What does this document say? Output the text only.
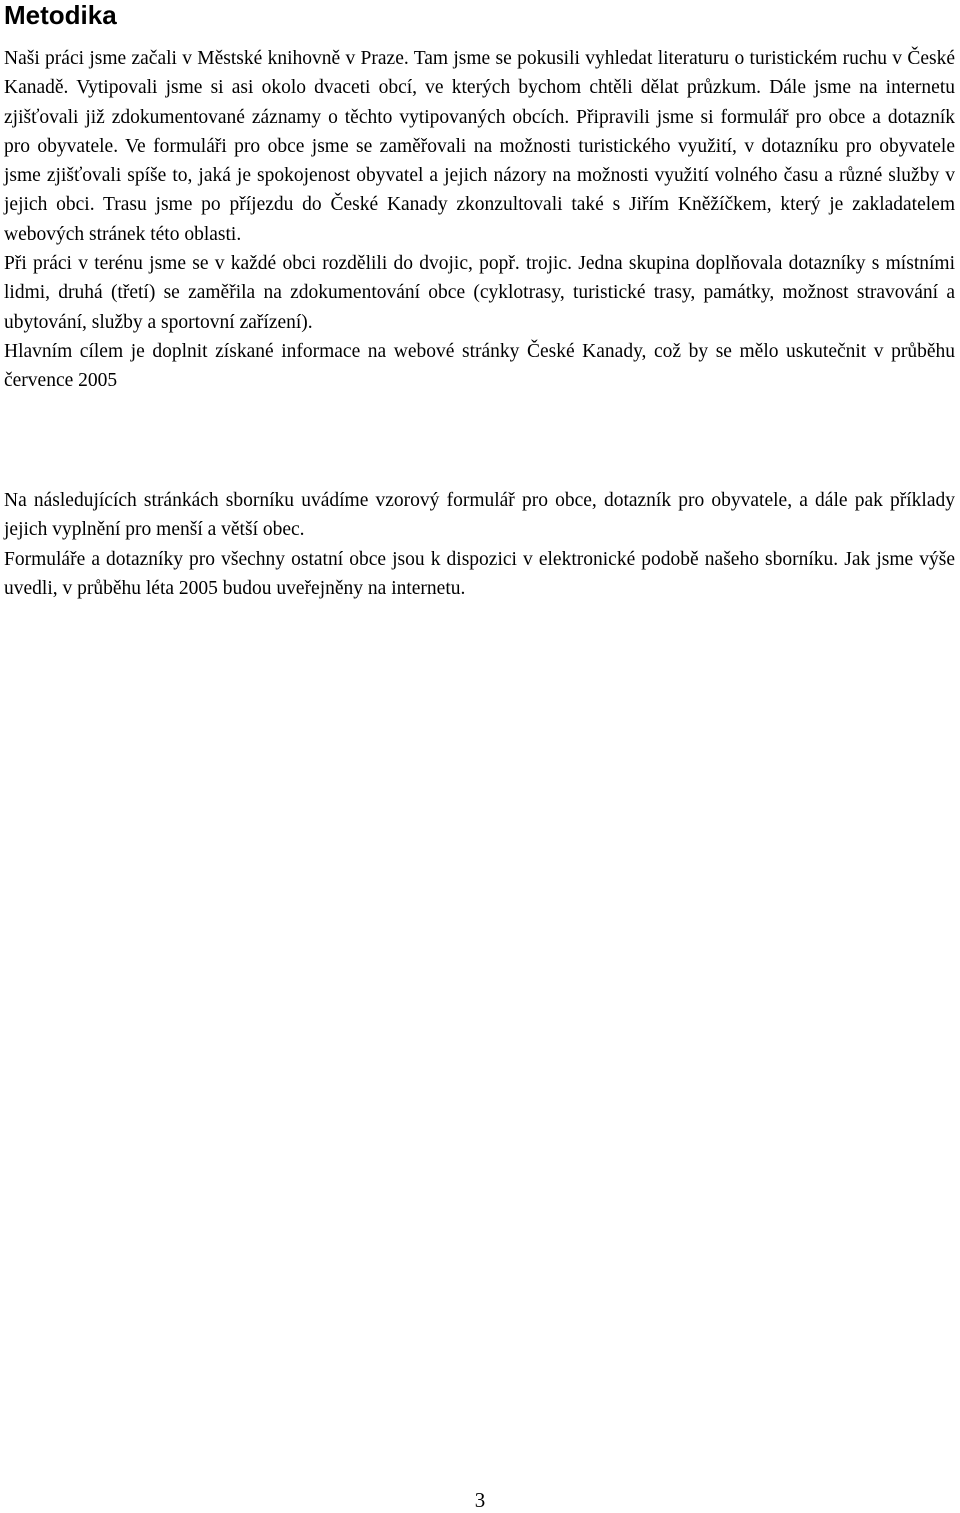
Metodika

Naši práci jsme začali v Městské knihovně v Praze. Tam jsme se pokusili vyhledat literaturu o turistickém ruchu v České Kanadě. Vytipovali jsme si asi okolo dvaceti obcí, ve kterých bychom chtěli dělat průzkum. Dále jsme na internetu zjišťovali již zdokumentované záznamy o těchto vytipovaných obcích. Připravili jsme si formulář pro obce a dotazník pro obyvatele. Ve formuláři pro obce jsme se zaměřovali na možnosti turistického využití, v dotazníku pro obyvatele jsme zjišťovali spíše to, jaká je spokojenost obyvatel a jejich názory na možnosti využití volného času a různé služby v jejich obci. Trasu jsme po příjezdu do České Kanady zkonzultovali také s Jiřím Kněžíčkem, který je zakladatelem webových stránek této oblasti.

Při práci v terénu jsme se v každé obci rozdělili do dvojic, popř. trojic. Jedna skupina doplňovala dotazníky s místními lidmi, druhá (třetí) se zaměřila na zdokumentování obce (cyklotrasy, turistické trasy, památky, možnost stravování a ubytování, služby a sportovní zařízení).

Hlavním cílem je doplnit získané informace na webové stránky České Kanady, což by se mělo uskutečnit v průběhu července 2005

Na následujících stránkách sborníku uvádíme vzorový formulář pro obce, dotazník pro obyvatele, a dále pak příklady jejich vyplnění pro menší a větší obec.

Formuláře a dotazníky pro všechny ostatní obce jsou k dispozici v elektronické podobě našeho sborníku. Jak jsme výše uvedli, v průběhu léta 2005 budou uveřejněny na internetu.

3
